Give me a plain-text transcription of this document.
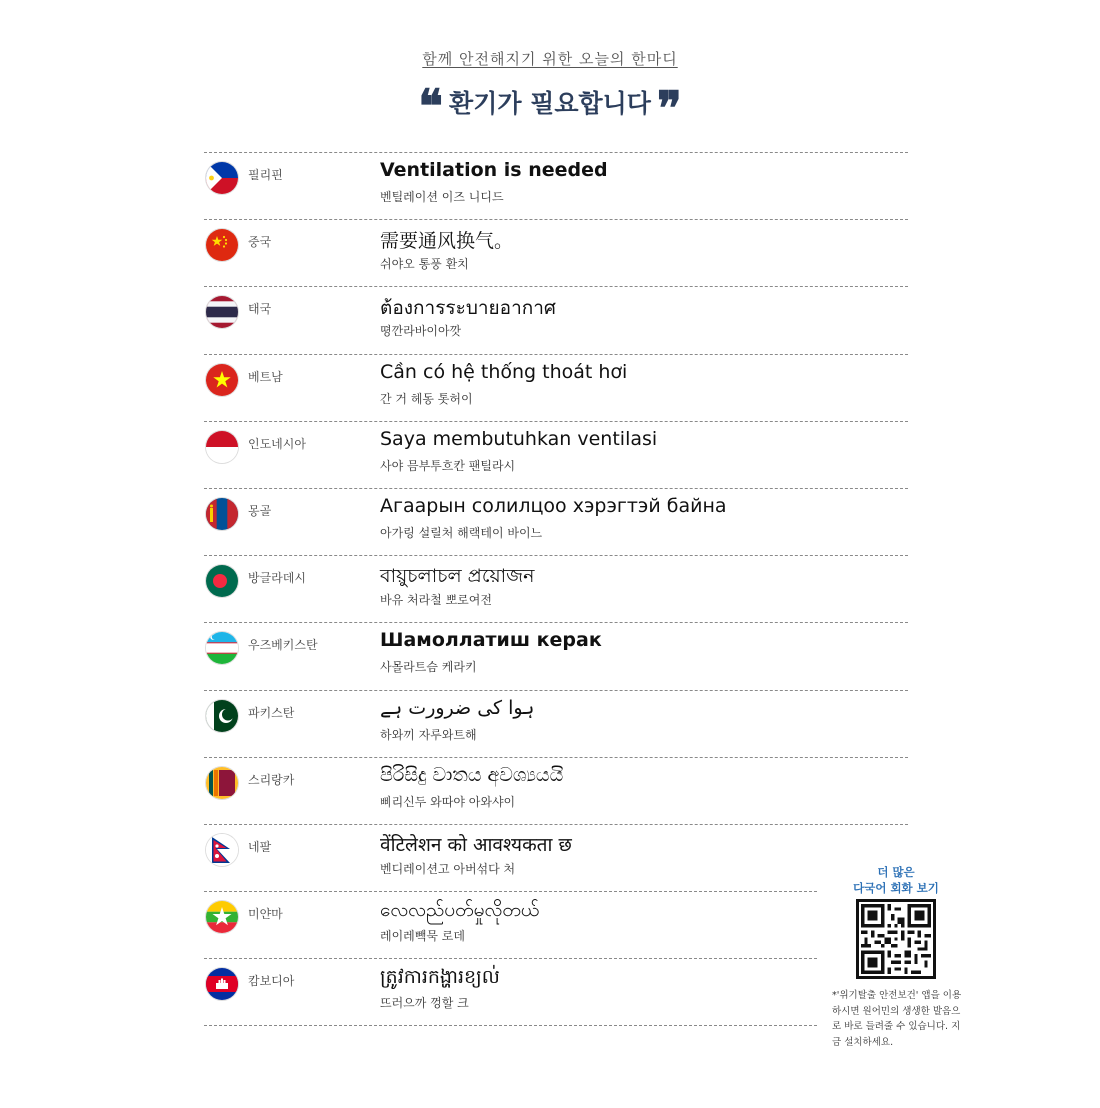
함께 안전해지기 위한 오늘의 한마디
❝ 환기가 필요합니다 ❞
필리핀	Ventilation is needed
벤틸레이션 이즈 니디드
중국	需要通风换气。
쉬야오 통풍 환치
태국	ต้องการระบายอากาศ
뗭깐라바이아깟
베트남	Cần có hệ thống thoát hơi
간 거 헤동 톳허이
인도네시아	Saya membutuhkan ventilasi
사야 믐부투흐칸 팬틸라시
몽골	Агаарын солилцоо хэрэгтэй байна
아가링 설릴처 해랙테이 바이느
방글라데시	বায়ুচলাচল প্রয়োজন
바유 처라철 뽀로여전
우즈베키스탄	Шамоллатиш керак
사몰라트슴 케라키
파키스탄	ہوا کی ضرورت ہے
하와끼 자루와트해
스리랑카	පිරිසිදු වාතය අවශ්‍යයයි
삐리신두 와따야 아와샤이
네팔	वेंटिलेशन को आवश्यकता छ
벤디레이션고 아버섞다 처
미얀마	လေလည်ပတ်မှုလိုတယ်
레이레빽묵 로데
캄보디아	ត្រូវការកង្ហារខ្យល់
뜨러으까 껑할 크
더 많은
다국어 회화 보기
*'위기탈출 안전보건' 앱을 이용하시면 원어민의 생생한 발음으로 바로 들려줄 수 있습니다. 지금 설치하세요.
